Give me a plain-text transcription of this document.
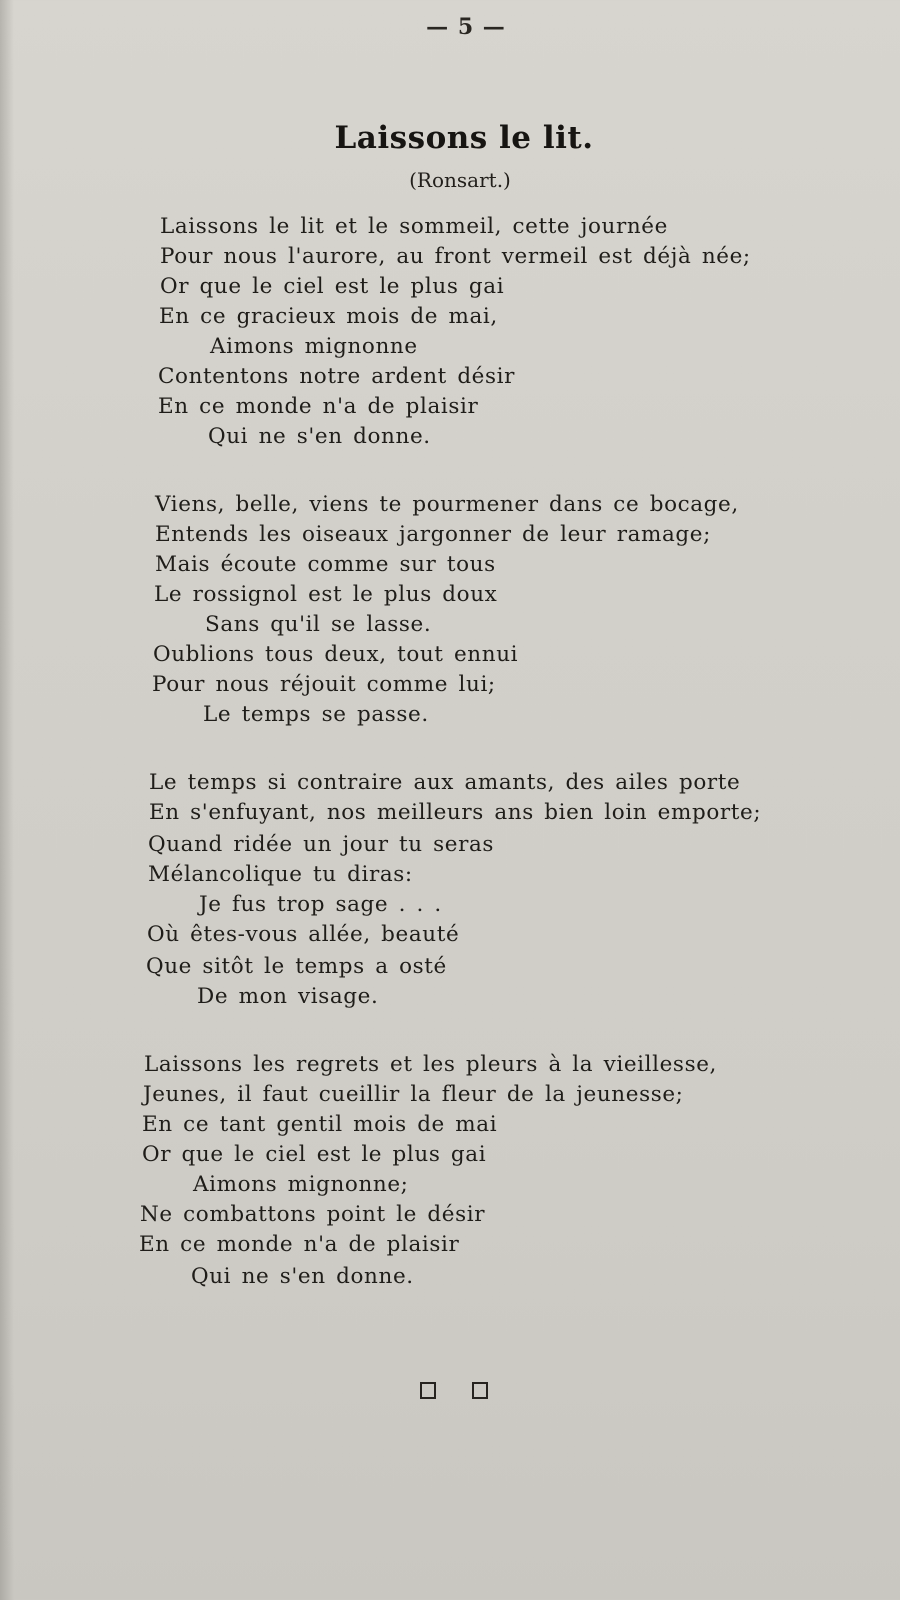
— 5 —
Laissons le lit.
(Ronsart.)
Laissons le lit et le sommeil, cette journée
Pour nous l'aurore, au front vermeil est déjà née;
Or que le ciel est le plus gai
En ce gracieux mois de mai,
Aimons mignonne
Contentons notre ardent désir
En ce monde n'a de plaisir
Qui ne s'en donne.
Viens, belle, viens te pourmener dans ce bocage,
Entends les oiseaux jargonner de leur ramage;
Mais écoute comme sur tous
Le rossignol est le plus doux
Sans qu'il se lasse.
Oublions tous deux, tout ennui
Pour nous réjouit comme lui;
Le temps se passe.
Le temps si contraire aux amants, des ailes porte
En s'enfuyant, nos meilleurs ans bien loin emporte;
Quand ridée un jour tu seras
Mélancolique tu diras:
Je fus trop sage . . .
Où êtes-vous allée, beauté
Que sitôt le temps a osté
De mon visage.
Laissons les regrets et les pleurs à la vieillesse,
Jeunes, il faut cueillir la fleur de la jeunesse;
En ce tant gentil mois de mai
Or que le ciel est le plus gai
Aimons mignonne;
Ne combattons point le désir
En ce monde n'a de plaisir
Qui ne s'en donne.
